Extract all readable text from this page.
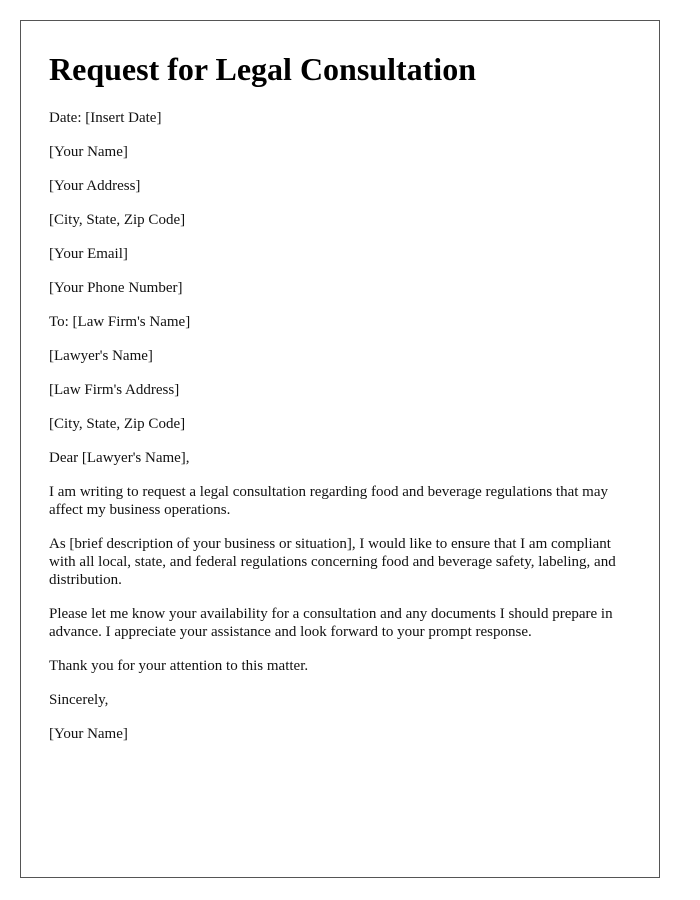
Request for Legal Consultation

Date: [Insert Date]

[Your Name]

[Your Address]

[City, State, Zip Code]

[Your Email]

[Your Phone Number]

To: [Law Firm's Name]

[Lawyer's Name]

[Law Firm's Address]

[City, State, Zip Code]

Dear [Lawyer's Name],

I am writing to request a legal consultation regarding food and beverage regulations that may affect my business operations.

As [brief description of your business or situation], I would like to ensure that I am compliant with all local, state, and federal regulations concerning food and beverage safety, labeling, and distribution.

Please let me know your availability for a consultation and any documents I should prepare in advance. I appreciate your assistance and look forward to your prompt response.

Thank you for your attention to this matter.

Sincerely,

[Your Name]
